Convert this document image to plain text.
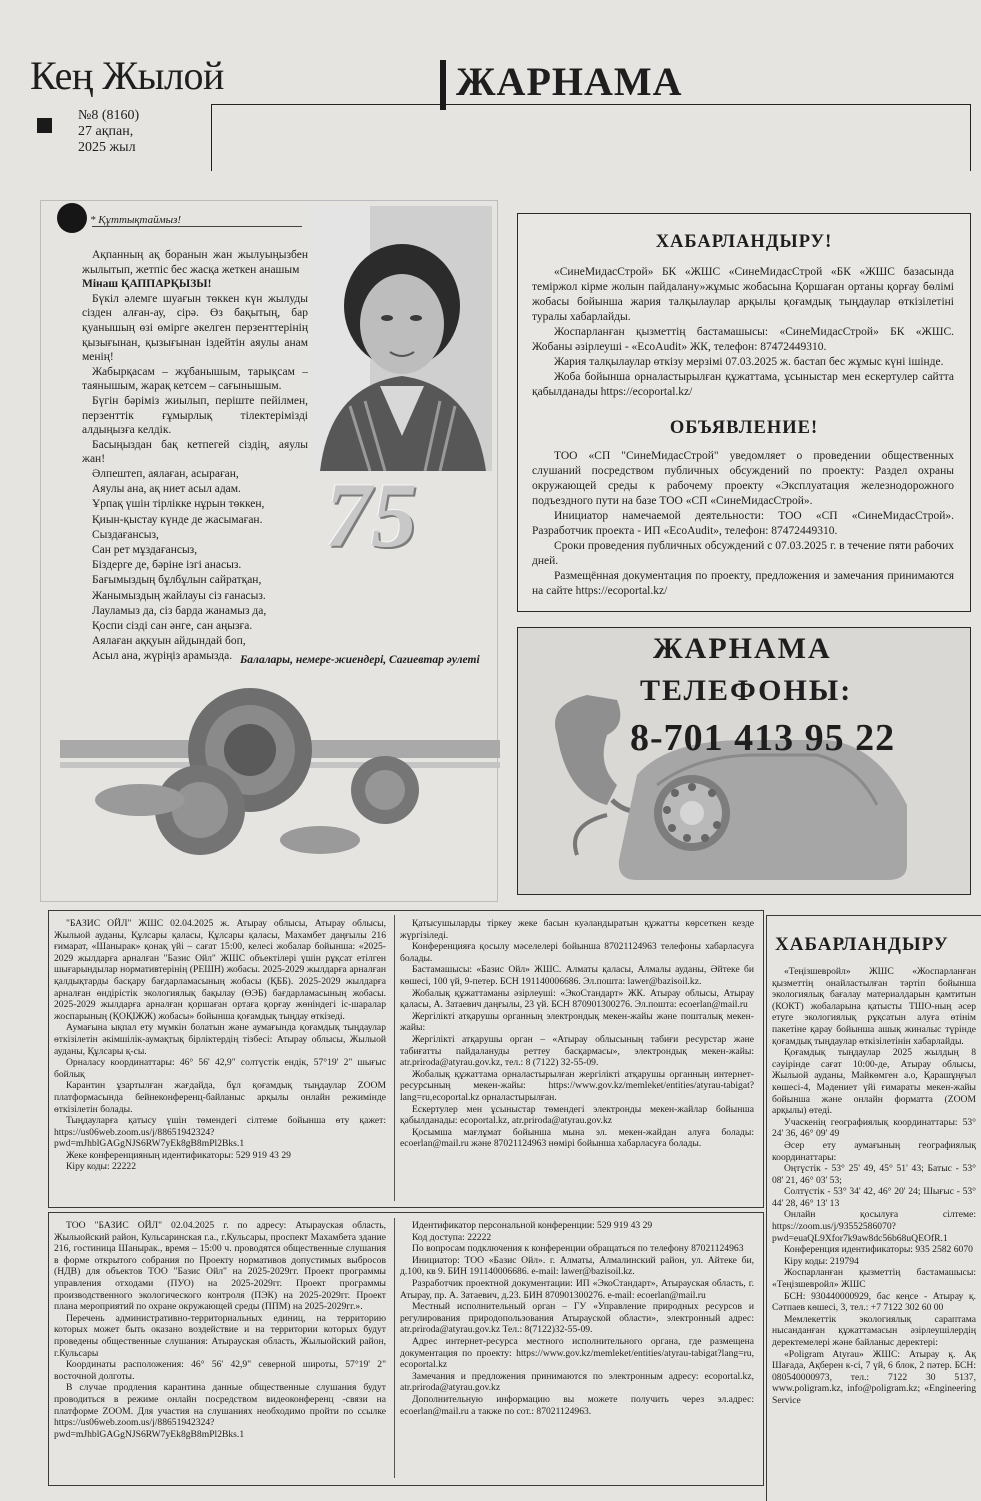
Кең Жылой
№8 (8160)
27 ақпан,
2025 жыл
ЖАРНАМА
* Құттықтаймыз!

Ақпанның ақ боранын жан жылуыңызбен жылытып, жетпіс бес жасқа жеткен анашым

Мінаш ҚАППАРҚЫЗЫ!

Бүкіл әлемге шуағын төккен күн жылуды сізден алған-ау, сірә. Өз бақытың, бар қуанышың өзі өмірге әкелген перзенттерінің қызығынан, қызығынан іздейтін аяулы анам менің!

Жабырқасам – жұбанышым, тарықсам – таянышым, жарақ кетсем – сағынышым.

Бүгін бәріміз жиылып, періште пейілмен, перзенттік ғұмырлық тілектерімізді алдыңызға келдік.

Басыңыздан бақ кетпегей сіздің, аяулы жан!

Әлпештеп, аялаған, асыраған,
Аяулы ана, ақ ниет асыл адам.
Ұрпақ үшін тірлікке нұрын төккен,
Қиын-қыстау күнде де жасымаған.
Сыздағансыз,
Сан рет мұздағансыз,
Біздерге де, бәріне ізгі анасыз.
Бағымыздың бұлбұлын сайратқан,
Жанымыздың жайлауы сіз ғанасыз.
Лауламыз да, сіз барда жанамыз да,
Қоспи сізді сан әнге, сан аңызға.
Аялаған аққуын айдындай боп,
Асыл ана, жүріңіз арамызда.
75
Балалары, немере-жиендері, Сағиевтар әулеті
ХАБАРЛАНДЫРУ!

«СинеМидасСтрой» БК «ЖШС «СинеМидасСтрой «БК «ЖШС базасында теміржол кірме жолын пайдалану»жұмыс жобасына Қоршаған ортаны қорғау бөлімі жобасы бойынша жария талқылаулар арқылы қоғамдық тыңдаулар өткізілетіні туралы хабарлайды.

Жоспарланған қызметтің бастамашысы: «СинеМидасСтрой» БК «ЖШС. Жобаны әзірлеуші - «EcoAudit» ЖК, телефон: 87472449310.

Жария талқылаулар өткізу мерзімі 07.03.2025 ж. бастап бес жұмыс күні ішінде.

Жоба бойынша орналастырылған құжаттама, ұсыныстар мен ескертулер сайтта қабылданады https://ecoportal.kz/

ОБЪЯВЛЕНИЕ!

ТОО «СП "СинеМидасСтрой" уведомляет о проведении общественных слушаний посредством публичных обсуждений по проекту: Раздел охраны окружающей среды к рабочему проекту «Эксплуатация железнодорожного подъездного пути на базе ТОО «СП «СинеМидасСтрой».

Инициатор намечаемой деятельности: ТОО «СП «СинеМидасСтрой». Разработчик проекта - ИП «EcoAudit», телефон: 87472449310.

Сроки проведения публичных обсуждений с 07.03.2025 г. в течение пяти рабочих дней.

Размещённая документация по проекту, предложения и замечания принимаются на сайте https://ecoportal.kz/

ЖАРНАМА
ТЕЛЕФОНЫ:
8-701 413 95 22

"БАЗИС ОЙЛ" ЖШС 02.04.2025 ж. Атырау облысы, Атырау облысы, Жылыой ауданы, Құлсары қаласы, Құлсары қаласы, Махамбет даңғылы 216 ғимарат, «Шанырак» қонақ үйі – сағат 15:00, келесі жобалар бойынша: «2025-2029 жылдарға арналған "Базис Ойл" ЖШС объектілері үшін рұқсат етілген шығарындылар нормативтерінің (РЕШН) жобасы. 2025-2029 жылдарға арналған қалдықтарды басқару бағдарламасының жобасы (ҚББ). 2025-2029 жылдарға арналған өндірістік экологиялық бақылау (ӨЭБ) бағдарламасының жобасы. 2025-2029 жылдарға арналған қоршаған ортаға қорғау жөніндегі іс-шаралар жоспарының (ҚОҚІЖЖ) жобасы» бойынша қоғамдық тыңдау өткізеді.

Аумағына ықпал ету мүмкін болатын және аумағында қоғамдық тыңдаулар өткізілетін әкімшілік-аумақтық бірліктердің тізбесі: Атырау облысы, Жылыой ауданы, Құлсары қ-сы.

Орналасу координаттары: 46° 56' 42,9" солтүстік ендік, 57°19' 2" шығыс бойлық

Карантин ұзартылған жағдайда, бұл қоғамдық тыңдаулар ZOOM платформасында бейнеконференц-байланыс арқылы онлайн режимінде өткізілетін болады.

Тыңдауларға қатысу үшін төмендегі сілтеме бойынша өту қажет: https://us06web.zoom.us/j/88651942324?pwd=mJhblGAGgNJS6RW7yEk8gB8mPl2Bks.1

Жеке конференцияның идентификаторы: 529 919 43 29

Кіру коды: 22222

Қатысушыларды тіркеу жеке басын куәландыратын құжатты көрсеткен кезде жүргізіледі.

Конференцияға қосылу мәселелері бойынша 87021124963 телефоны хабарласуға болады.

Бастамашысы: «Базис Ойл» ЖШС. Алматы қаласы, Алмалы ауданы, Әйтеке би көшесі, 100 үй, 9-петер. БСН 191140006686. Эл.пошта: lawer@bazisoil.kz.

Жобалық құжаттаманы әзірлеуші: «ЭкоСтандарт» ЖК. Атырау облысы, Атырау қаласы, А. Затаевич даңғылы, 23 үй. БСН 870901300276. Эл.пошта: ecoerlan@mail.ru

Жергілікті атқарушы органның электрондық мекен-жайы және пошталық мекен-жайы:

Жергілікті атқарушы орган – «Атырау облысының табиғи ресурстар және табиғатты пайдалануды реттеу басқармасы», электрондық мекен-жайы: atr.priroda@atyrau.gov.kz, тел.: 8 (7122) 32-55-09.

Жобалық құжаттама орналастырылған жергілікті атқарушы органның интернет-ресурсының мекен-жайы: https://www.gov.kz/memleket/entities/atyrau-tabigat?lang=ru,ecoportal.kz орналастырылған.

Ескертулер мен ұсыныстар төмендегі электронды мекен-жайлар бойынша қабылданады: ecoportal.kz, atr.priroda@atyrau.gov.kz

Қосымша мағлұмат бойынша мына эл. мекен-жайдан алуға болады: ecoerlan@mail.ru және 87021124963 нөмірі бойынша хабарласуға болады.

ТОО "БАЗИС ОЙЛ" 02.04.2025 г. по адресу: Атырауская область, Жылыойский район, Кульсаринская г.а., г.Кульсары, проспект Махамбета здание 216, гостиница Шанырак., время – 15:00 ч. проводятся общественные слушания в форме открытого собрания по Проекту нормативов допустимых выбросов (НДВ) для объектов ТОО "Базис Ойл" на 2025-2029гг. Проект программы управления отходами (ПУО) на 2025-2029гг. Проект программы производственного экологического контроля (ПЭК) на 2025-2029гг. Проект плана мероприятий по охране окружающей среды (ППМ) на 2025-2029гг.».

Перечень административно-территориальных единиц, на территорию которых может быть оказано воздействие и на территории которых будут проведены общественные слушания: Атырауская область, Жылыойский район, г.Кульсары

Координаты расположения: 46° 56' 42,9" северной широты, 57°19' 2" восточной долготы.

В случае продления карантина данные общественные слушания будут проводиться в режиме онлайн посредством видеоконференц -связи на платформе ZOOM. Для участия на слушаниях необходимо пройти по ссылке https://us06web.zoom.us/j/88651942324?pwd=mJhblGAGgNJS6RW7yEk8gB8mPl2Bks.1

Идентификатор персональной конференции: 529 919 43 29

Код доступа: 22222

По вопросам подключения к конференции обращаться по телефону 87021124963

Инициатор: ТОО «Базис Ойл». г. Алматы, Алмалинский район, ул. Айтеке би, д.100, кв 9. БИН 191140006686. e-mail: lawer@bazisoil.kz.

Разработчик проектной документации: ИП «ЭкоСтандарт», Атырауская область, г. Атырау, пр. А. Затаевич, д.23. БИН 870901300276. e-mail: ecoerlan@mail.ru

Местный исполнительный орган – ГУ «Управление природных ресурсов и регулирования природопользования Атырауской области», электронный адрес: atr.priroda@atyrau.gov.kz Тел.: 8(7122)32-55-09.

Адрес интернет-ресурса местного исполнительного органа, где размещена документация по проекту: https://www.gov.kz/memleket/entities/atyrau-tabigat?lang=ru, ecoportal.kz

Замечания и предложения принимаются по электронным адресу: ecoportal.kz, atr.priroda@atyrau.gov.kz

Дополнительную информацию вы можете получить через эл.адрес: ecoerlan@mail.ru а также по сот.: 87021124963.

ХАБАРЛАНДЫРУ

«Теңізшевройл» ЖШС «Жоспарланған қызметтің онайластылған тәртіп бойынша экологиялық бағалау материалдарын қамтитын (КОКТ) жобаларына қатысты ТШО-ның әсер етуге экологиялық рұқсатын алуға өтінім пакетіне қарау бойынша ашық жиналыс түрінде қоғамдық тыңдаулар өткізілетінін хабарлайды.

Қоғамдық тыңдаулар 2025 жылдың 8 сәуірінде сағат 10:00-де, Атырау облысы, Жылыой ауданы, Майкөмген а.о, Қарашұңғыл көшесі-4, Мәдениет үйі ғимараты мекен-жайы бойынша және онлайн форматта (ZOOM арқылы) өтеді.

Учаскенің географиялық координаттары: 53° 24' 36, 46° 09' 49

Әсер ету аумағының географиялық координаттары:

Оңтүстік - 53° 25' 49, 45° 51' 43; Батыс - 53° 08' 21, 46° 03' 53;

Солтүстік - 53° 34' 42, 46° 20' 24; Шығыс - 53° 44' 28, 46° 13' 13

Онлайн қосылуға сілтеме: https://zoom.us/j/93552586070?pwd=euaQL9Xfor7k9aw8dc56b68uQEOfR.1

Конференция идентификаторы: 935 2582 6070

Кіру коды: 219794

Жоспарланған қызметтің бастамашысы: «Теңізшевройл» ЖШС

БСН: 930440000929, бас кеңсе - Атырау қ. Сәтпаев көшесі, 3, тел.: +7 7122 302 60 00

Мемлекеттік экологиялық сараптама нысанданған құжаттамасын әзірлеушілердің деректемелері және байланыс деректері:

«Poligram Atyrau» ЖШС: Атырау қ. Ақ Шағада, Ақберен к-сі, 7 үй, 6 блок, 2 пәтер. БСН: 080540000973, тел.: 7122 30 5137, www.poligram.kz, info@poligram.kz; «Engineering Service
